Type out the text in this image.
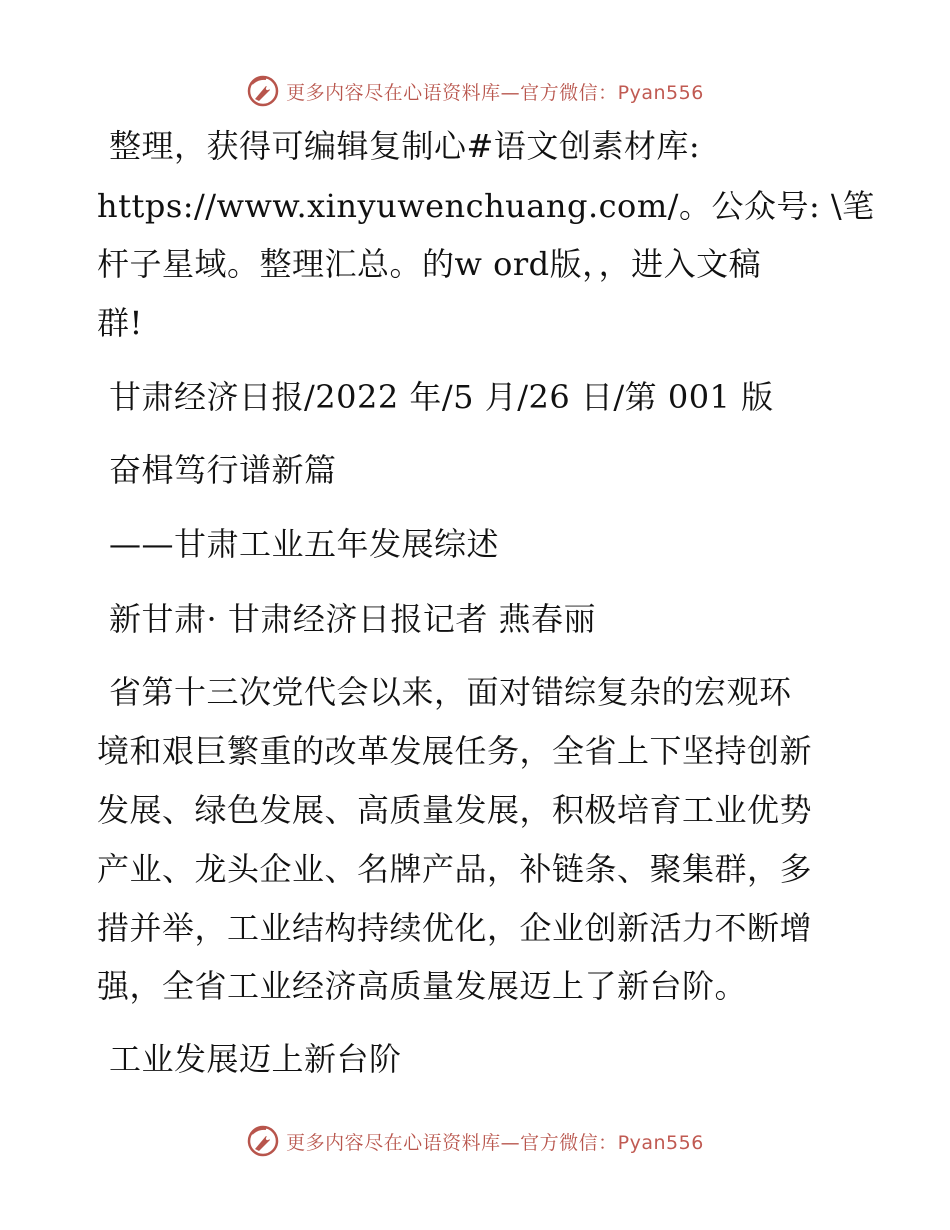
更多内容尽在心语资料库—官方微信：Pyan556
整理，获得可编辑复制心#语文创素材库:
https://www.xinyuwenchuang.com/。公众号: \笔
杆子星域。整理汇总。的w ord版，，进入文稿
群!
甘肃经济日报/2022 年/5 月/26 日/第 001 版
奋楫笃行谱新篇
——甘肃工业五年发展综述
新甘肃· 甘肃经济日报记者 燕春丽
省第十三次党代会以来，面对错综复杂的宏观环
境和艰巨繁重的改革发展任务，全省上下坚持创新
发展、绿色发展、高质量发展，积极培育工业优势
产业、龙头企业、名牌产品，补链条、聚集群，多
措并举，工业结构持续优化，企业创新活力不断增
强，全省工业经济高质量发展迈上了新台阶。
工业发展迈上新台阶
更多内容尽在心语资料库—官方微信：Pyan556
